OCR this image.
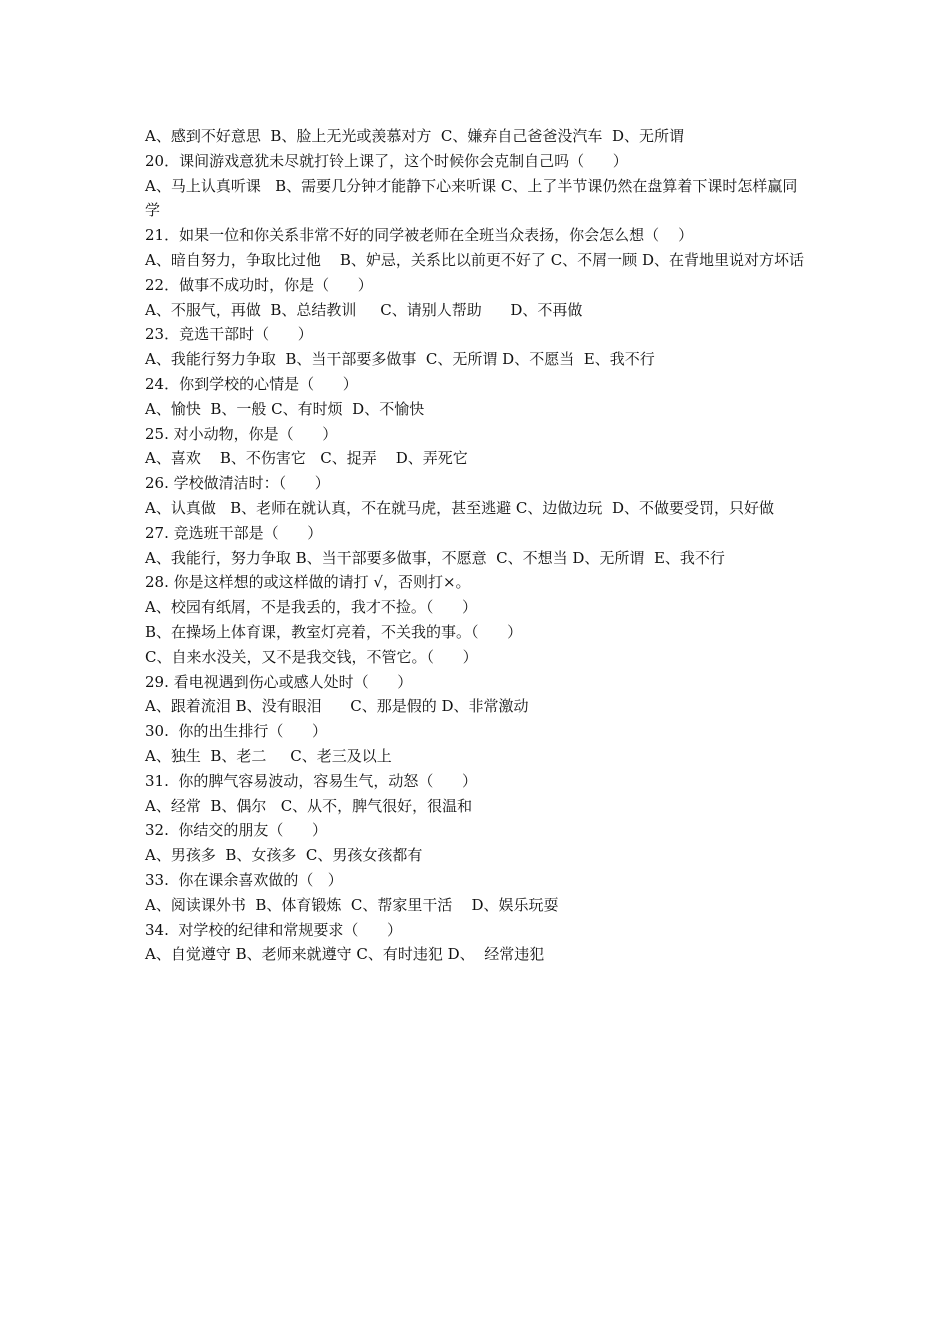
A、感到不好意思  B、脸上无光或羡慕对方  C、嫌弃自己爸爸没汽车  D、无所谓

20．课间游戏意犹未尽就打铃上课了，这个时候你会克制自己吗（      ）

A、马上认真听课   B、需要几分钟才能静下心来听课 C、上了半节课仍然在盘算着下课时怎样赢同学

21．如果一位和你关系非常不好的同学被老师在全班当众表扬，你会怎么想（    ）

A、暗自努力，争取比过他    B、妒忌，关系比以前更不好了 C、不屑一顾 D、在背地里说对方坏话

22．做事不成功时，你是（      ）

A、不服气，再做  B、总结教训     C、请别人帮助      D、不再做

23．竞选干部时（      ）

A、我能行努力争取  B、当干部要多做事  C、无所谓 D、不愿当  E、我不行

24．你到学校的心情是（      ）

A、愉快  B、一般 C、有时烦  D、不愉快

25. 对小动物，你是（      ）

A、喜欢    B、不伤害它   C、捉弄    D、弄死它

26. 学校做清洁时：（      ）

A、认真做   B、老师在就认真，不在就马虎，甚至逃避 C、边做边玩  D、不做要受罚，只好做

27. 竞选班干部是（      ）

A、我能行，努力争取 B、当干部要多做事，不愿意  C、不想当 D、无所谓  E、我不行

28. 你是这样想的或这样做的请打 √，否则打×。

A、校园有纸屑，不是我丢的，我才不捡。（      ）

B、在操场上体育课，教室灯亮着，不关我的事。（      ）

C、自来水没关，又不是我交钱，不管它。（      ）

29. 看电视遇到伤心或感人处时（      ）

A、跟着流泪 B、没有眼泪      C、那是假的 D、非常激动

30.  你的出生排行（      ）

A、独生  B、老二     C、老三及以上

31.  你的脾气容易波动，容易生气，动怒（      ）

A、经常  B、偶尔   C、从不，脾气很好，很温和

32.  你结交的朋友（      ）

A、男孩多  B、女孩多  C、男孩女孩都有

33.  你在课余喜欢做的（   ）

A、阅读课外书  B、体育锻炼  C、帮家里干活    D、娱乐玩耍

34.  对学校的纪律和常规要求（      ）

A、自觉遵守 B、老师来就遵守 C、有时违犯 D、  经常违犯
